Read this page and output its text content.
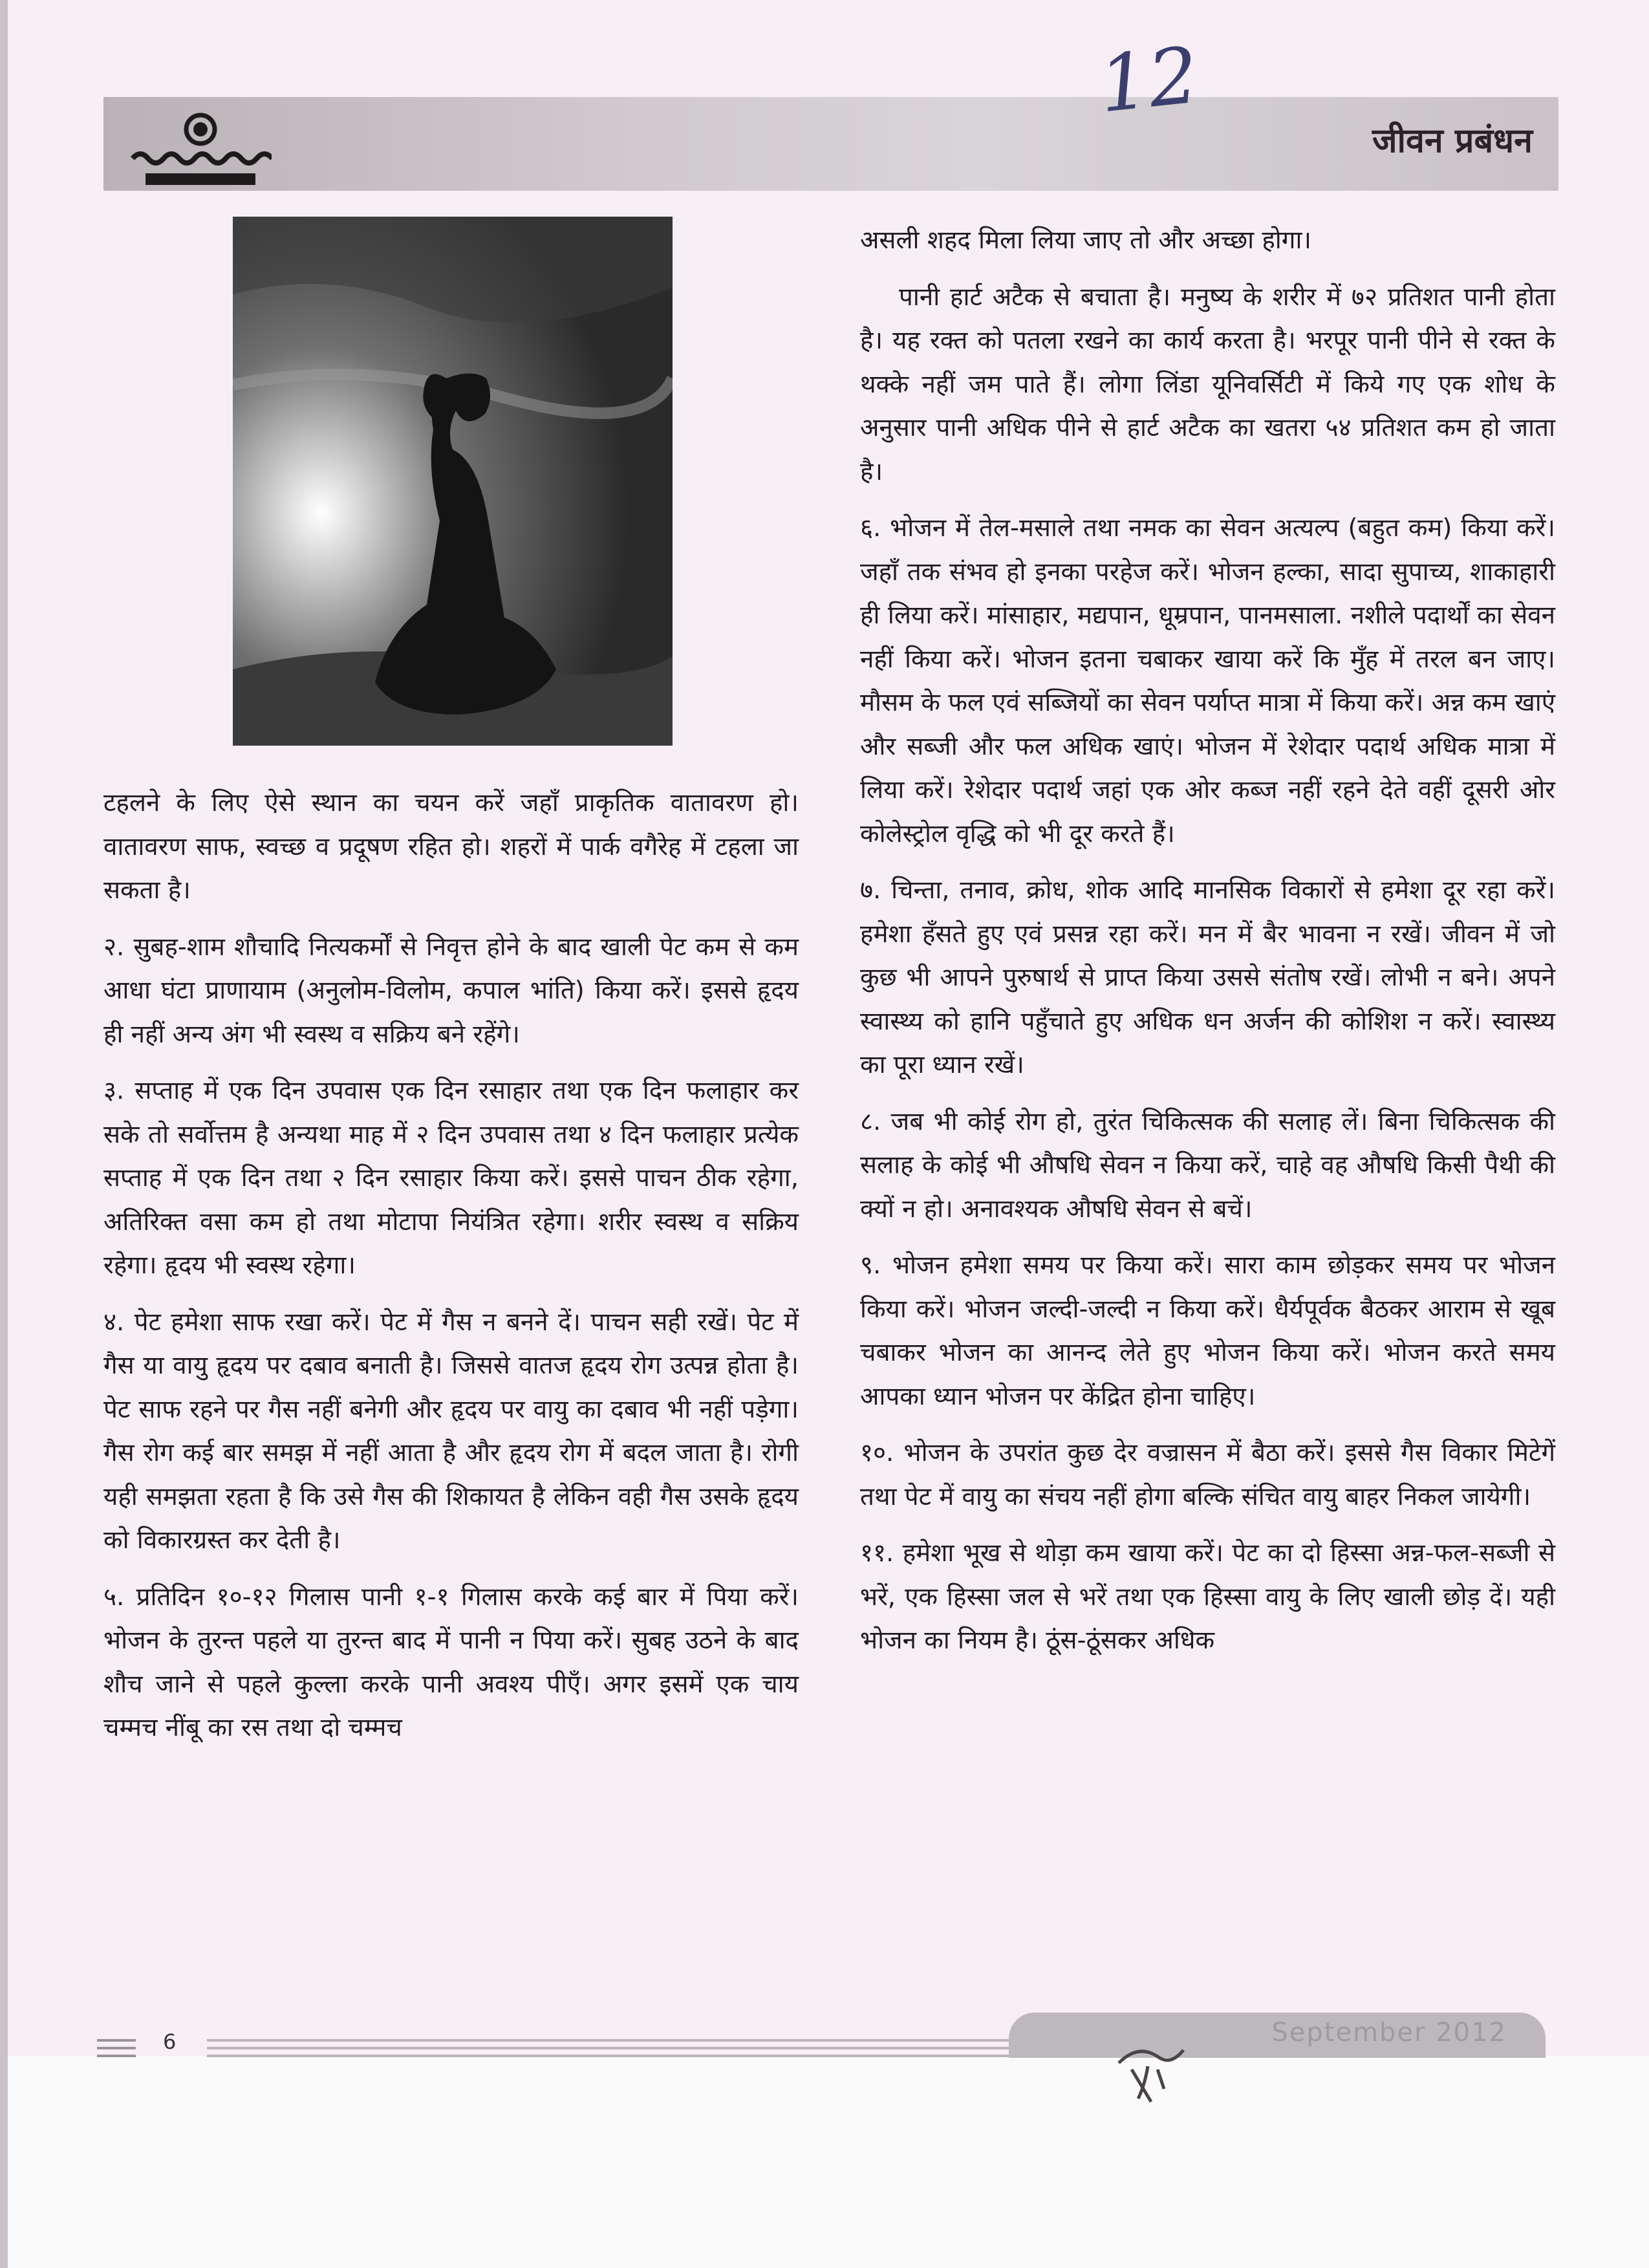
जीवन प्रबंधन
12

टहलने के लिए ऐसे स्थान का चयन करें जहाँ प्राकृतिक वातावरण हो। वातावरण साफ, स्वच्छ व प्रदूषण रहित हो। शहरों में पार्क वगैरेह में टहला जा सकता है।

२. सुबह-शाम शौचादि नित्यकर्मों से निवृत्त होने के बाद खाली पेट कम से कम आधा घंटा प्राणायाम (अनुलोम-विलोम, कपाल भांति) किया करें। इससे हृदय ही नहीं अन्य अंग भी स्वस्थ व सक्रिय बने रहेंगे।

३. सप्ताह में एक दिन उपवास एक दिन रसाहार तथा एक दिन फलाहार कर सके तो सर्वोत्तम है अन्यथा माह में २ दिन उपवास तथा ४ दिन फलाहार प्रत्येक सप्ताह में एक दिन तथा २ दिन रसाहार किया करें। इससे पाचन ठीक रहेगा, अतिरिक्त वसा कम हो तथा मोटापा नियंत्रित रहेगा। शरीर स्वस्थ व सक्रिय रहेगा। हृदय भी स्वस्थ रहेगा।

४. पेट हमेशा साफ रखा करें। पेट में गैस न बनने दें। पाचन सही रखें। पेट में गैस या वायु हृदय पर दबाव बनाती है। जिससे वातज हृदय रोग उत्पन्न होता है। पेट साफ रहने पर गैस नहीं बनेगी और हृदय पर वायु का दबाव भी नहीं पड़ेगा। गैस रोग कई बार समझ में नहीं आता है और हृदय रोग में बदल जाता है। रोगी यही समझता रहता है कि उसे गैस की शिकायत है लेकिन वही गैस उसके हृदय को विकारग्रस्त कर देती है।

५. प्रतिदिन १०-१२ गिलास पानी १-१ गिलास करके कई बार में पिया करें। भोजन के तुरन्त पहले या तुरन्त बाद में पानी न पिया करें। सुबह उठने के बाद शौच जाने से पहले कुल्ला करके पानी अवश्य पीएँ। अगर इसमें एक चाय चम्मच नींबू का रस तथा दो चम्मच

असली शहद मिला लिया जाए तो और अच्छा होगा।

पानी हार्ट अटैक से बचाता है। मनुष्य के शरीर में ७२ प्रतिशत पानी होता है। यह रक्त को पतला रखने का कार्य करता है। भरपूर पानी पीने से रक्त के थक्के नहीं जम पाते हैं। लोगा लिंडा यूनिवर्सिटी में किये गए एक शोध के अनुसार पानी अधिक पीने से हार्ट अटैक का खतरा ५४ प्रतिशत कम हो जाता है।

६. भोजन में तेल-मसाले तथा नमक का सेवन अत्यल्प (बहुत कम) किया करें। जहाँ तक संभव हो इनका परहेज करें। भोजन हल्का, सादा सुपाच्य, शाकाहारी ही लिया करें। मांसाहार, मद्यपान, धूम्रपान, पानमसाला. नशीले पदार्थों का सेवन नहीं किया करें। भोजन इतना चबाकर खाया करें कि मुँह में तरल बन जाए। मौसम के फल एवं सब्जियों का सेवन पर्याप्त मात्रा में किया करें। अन्न कम खाएं और सब्जी और फल अधिक खाएं। भोजन में रेशेदार पदार्थ अधिक मात्रा में लिया करें। रेशेदार पदार्थ जहां एक ओर कब्ज नहीं रहने देते वहीं दूसरी ओर कोलेस्ट्रोल वृद्धि को भी दूर करते हैं।

७. चिन्ता, तनाव, क्रोध, शोक आदि मानसिक विकारों से हमेशा दूर रहा करें। हमेशा हँसते हुए एवं प्रसन्न रहा करें। मन में बैर भावना न रखें। जीवन में जो कुछ भी आपने पुरुषार्थ से प्राप्त किया उससे संतोष रखें। लोभी न बने। अपने स्वास्थ्य को हानि पहुँचाते हुए अधिक धन अर्जन की कोशिश न करें। स्वास्थ्य का पूरा ध्यान रखें।

८. जब भी कोई रोग हो, तुरंत चिकित्सक की सलाह लें। बिना चिकित्सक की सलाह के कोई भी औषधि सेवन न किया करें, चाहे वह औषधि किसी पैथी की क्यों न हो। अनावश्यक औषधि सेवन से बचें।

९. भोजन हमेशा समय पर किया करें। सारा काम छोड़कर समय पर भोजन किया करें। भोजन जल्दी-जल्दी न किया करें। धैर्यपूर्वक बैठकर आराम से खूब चबाकर भोजन का आनन्द लेते हुए भोजन किया करें। भोजन करते समय आपका ध्यान भोजन पर केंद्रित होना चाहिए।

१०. भोजन के उपरांत कुछ देर वज्रासन में बैठा करें। इससे गैस विकार मिटेगें तथा पेट में वायु का संचय नहीं होगा बल्कि संचित वायु बाहर निकल जायेगी।

११. हमेशा भूख से थोड़ा कम खाया करें। पेट का दो हिस्सा अन्न-फल-सब्जी से भरें, एक हिस्सा जल से भरें तथा एक हिस्सा वायु के लिए खाली छोड़ दें। यही भोजन का नियम है। ठूंस-ठूंसकर अधिक

6	September 2012
